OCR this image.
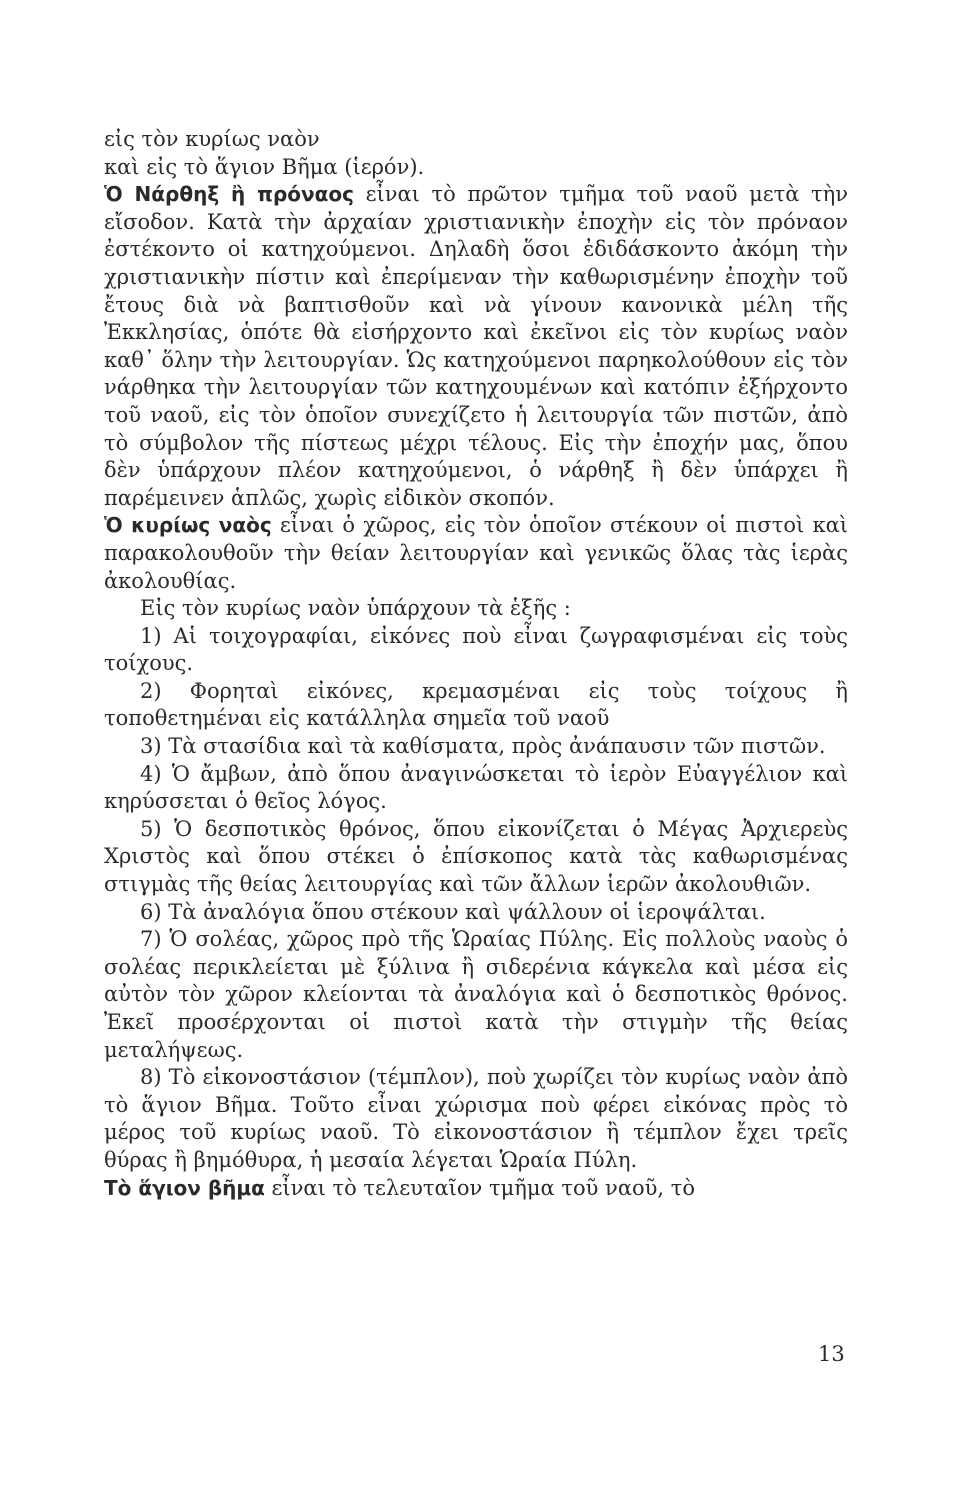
εἰς τὸν κυρίως ναὸν

καὶ εἰς τὸ ἅγιον Βῆμα (ἱερόν).

Ὁ Νάρθηξ ἢ πρόναος εἶναι τὸ πρῶτον τμῆμα τοῦ ναοῦ μετὰ τὴν εἴσοδον. Κατὰ τὴν ἀρχαίαν χριστιανικὴν ἐποχὴν εἰς τὸν πρόναον ἐστέκοντο οἱ κατηχούμενοι. Δηλαδὴ ὅσοι ἐδιδάσκοντο ἀκόμη τὴν χριστιανικὴν πίστιν καὶ ἐπερίμεναν τὴν καθωρισμένην ἐποχὴν τοῦ ἔτους διὰ νὰ βαπτισθοῦν καὶ νὰ γίνουν κανονικὰ μέλη τῆς Ἐκκλησίας, ὁπότε θὰ εἰσήρχοντο καὶ ἐκεῖνοι εἰς τὸν κυρίως ναὸν καθ᾽ ὅλην τὴν λειτουργίαν. Ὡς κατηχούμενοι παρηκολούθουν εἰς τὸν νάρθηκα τὴν λειτουργίαν τῶν κατηχουμένων καὶ κατόπιν ἐξήρχοντο τοῦ ναοῦ, εἰς τὸν ὁποῖον συνεχίζετο ἡ λειτουργία τῶν πιστῶν, ἀπὸ τὸ σύμβολον τῆς πίστεως μέχρι τέλους. Εἰς τὴν ἐποχήν μας, ὅπου δὲν ὑπάρχουν πλέον κατηχούμενοι, ὁ νάρθηξ ἢ δὲν ὑπάρχει ἢ παρέμεινεν ἁπλῶς, χωρὶς εἰδικὸν σκοπόν.

Ὁ κυρίως ναὸς εἶναι ὁ χῶρος, εἰς τὸν ὁποῖον στέκουν οἱ πιστοὶ καὶ παρακολουθοῦν τὴν θείαν λειτουργίαν καὶ γενικῶς ὅλας τὰς ἱερὰς ἀκολουθίας.

Εἰς τὸν κυρίως ναὸν ὑπάρχουν τὰ ἑξῆς :

1) Αἱ τοιχογραφίαι, εἰκόνες ποὺ εἶναι ζωγραφισμέναι εἰς τοὺς τοίχους.

2) Φορηταὶ εἰκόνες, κρεμασμέναι εἰς τοὺς τοίχους ἢ τοποθετημέναι εἰς κατάλληλα σημεῖα τοῦ ναοῦ

3) Τὰ στασίδια καὶ τὰ καθίσματα, πρὸς ἀνάπαυσιν τῶν πιστῶν.

4) Ὁ ἄμβων, ἀπὸ ὅπου ἀναγινώσκεται τὸ ἱερὸν Εὐαγγέλιον καὶ κηρύσσεται ὁ θεῖος λόγος.

5) Ὁ δεσποτικὸς θρόνος, ὅπου εἰκονίζεται ὁ Μέγας Ἀρχιερεὺς Χριστὸς καὶ ὅπου στέκει ὁ ἐπίσκοπος κατὰ τὰς καθωρισμένας στιγμὰς τῆς θείας λειτουργίας καὶ τῶν ἄλλων ἱερῶν ἀκολουθιῶν.

6) Τὰ ἀναλόγια ὅπου στέκουν καὶ ψάλλουν οἱ ἱεροψάλται.

7) Ὁ σολέας, χῶρος πρὸ τῆς Ὡραίας Πύλης. Εἰς πολλοὺς ναοὺς ὁ σολέας περικλείεται μὲ ξύλινα ἢ σιδερένια κάγκελα καὶ μέσα εἰς αὐτὸν τὸν χῶρον κλείονται τὰ ἀναλόγια καὶ ὁ δεσποτικὸς θρόνος. Ἐκεῖ προσέρχονται οἱ πιστοὶ κατὰ τὴν στιγμὴν τῆς θείας μεταλήψεως.

8) Τὸ εἰκονοστάσιον (τέμπλον), ποὺ χωρίζει τὸν κυρίως ναὸν ἀπὸ τὸ ἅγιον Βῆμα. Τοῦτο εἶναι χώρισμα ποὺ φέρει εἰκόνας πρὸς τὸ μέρος τοῦ κυρίως ναοῦ. Τὸ εἰκονοστάσιον ἢ τέμπλον ἔχει τρεῖς θύρας ἢ βημόθυρα, ἡ μεσαία λέγεται Ὡραία Πύλη.

Τὸ ἅγιον βῆμα εἶναι τὸ τελευταῖον τμῆμα τοῦ ναοῦ, τὸ

13
